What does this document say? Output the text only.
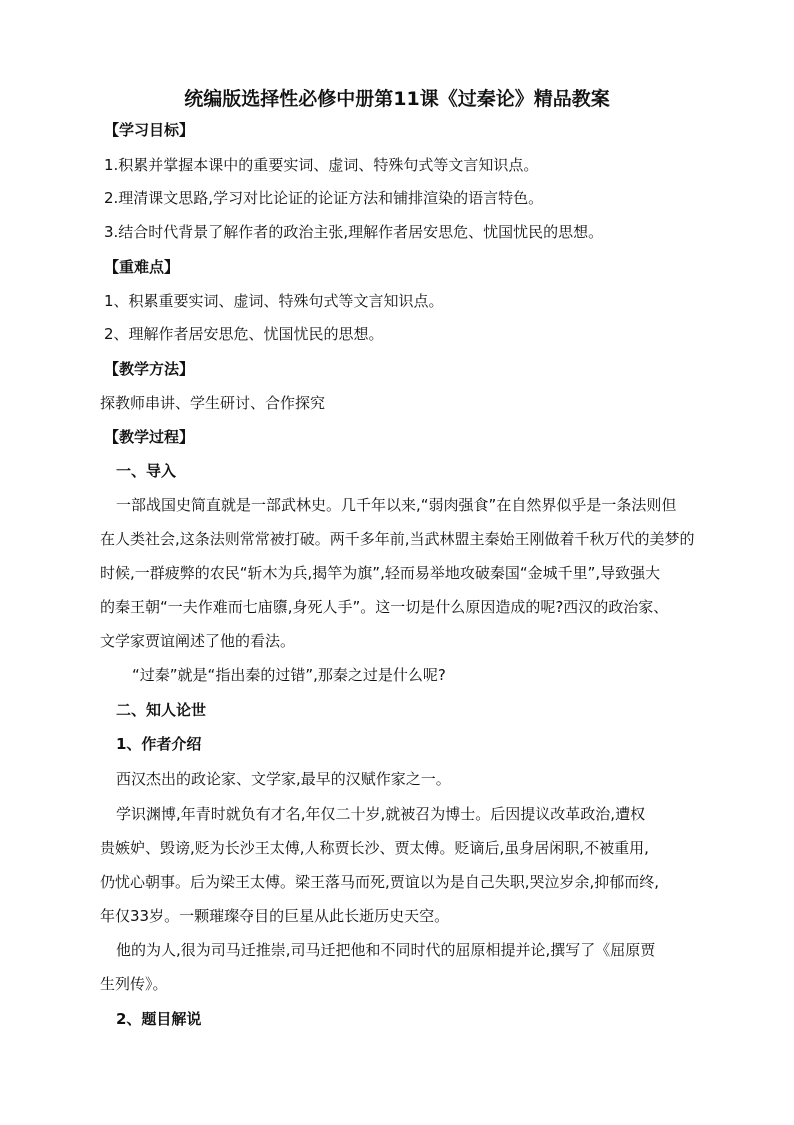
统编版选择性必修中册第11课《过秦论》精品教案
【学习目标】
1.积累并掌握本课中的重要实词、虚词、特殊句式等文言知识点。
2.理清课文思路,学习对比论证的论证方法和铺排渲染的语言特色。
3.结合时代背景了解作者的政治主张,理解作者居安思危、忧国忧民的思想。
【重难点】
1、积累重要实词、虚词、特殊句式等文言知识点。
2、理解作者居安思危、忧国忧民的思想。
【教学方法】
探教师串讲、学生研讨、合作探究
【教学过程】
一、导入
一部战国史简直就是一部武林史。几千年以来,“弱肉强食”在自然界似乎是一条法则但
在人类社会,这条法则常常被打破。两千多年前,当武林盟主秦始王刚做着千秋万代的美梦的
时候,一群疲弊的农民“斩木为兵,揭竿为旗”,轻而易举地攻破秦国“金城千里”,导致强大
的秦王朝“一夫作难而七庙隳,身死人手”。这一切是什么原因造成的呢?西汉的政治家、
文学家贾谊阐述了他的看法。
“过秦”就是“指出秦的过错”,那秦之过是什么呢?
二、知人论世
1、作者介绍
西汉杰出的政论家、文学家,最早的汉赋作家之一。
学识渊博,年青时就负有才名,年仅二十岁,就被召为博士。后因提议改革政治,遭权
贵嫉妒、毁谤,贬为长沙王太傅,人称贾长沙、贾太傅。贬谪后,虽身居闲职,不被重用,
仍忧心朝事。后为梁王太傅。梁王落马而死,贾谊以为是自己失职,哭泣岁余,抑郁而终,
年仅33岁。一颗璀璨夺目的巨星从此长逝历史天空。
他的为人,很为司马迁推崇,司马迁把他和不同时代的屈原相提并论,撰写了《屈原贾
生列传》。
2、题目解说
